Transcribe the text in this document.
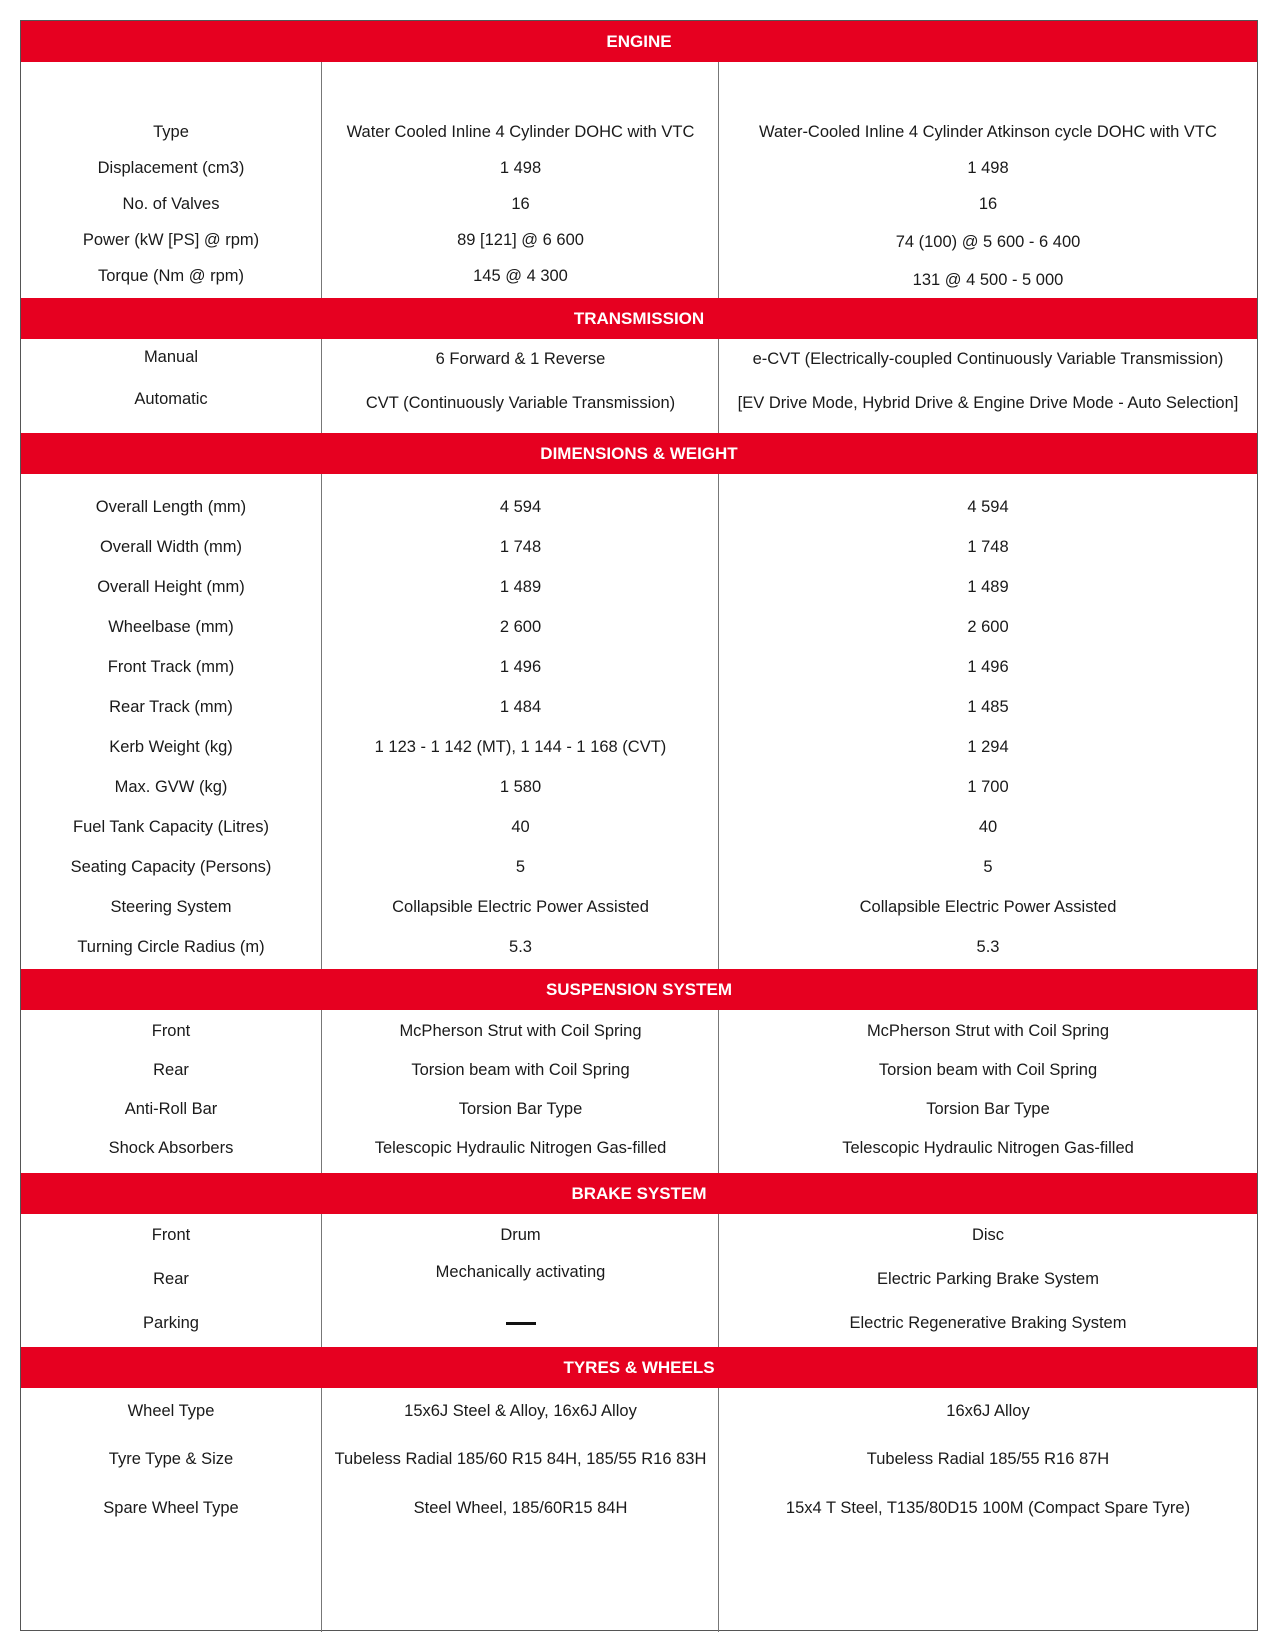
ENGINE
Type
Displacement (cm3)
No. of Valves
Power (kW [PS] @ rpm)
Torque (Nm @ rpm)
Water Cooled Inline 4 Cylinder DOHC with VTC
1 498
16
89 [121] @ 6 600
145 @ 4 300
Water-Cooled Inline 4 Cylinder Atkinson cycle DOHC with VTC
1 498
16
74 (100) @ 5 600 - 6 400
131 @ 4 500 - 5 000
TRANSMISSION
Manual
Automatic
6 Forward & 1 Reverse
CVT (Continuously Variable Transmission)
e-CVT (Electrically-coupled Continuously Variable Transmission)
[EV Drive Mode, Hybrid Drive & Engine Drive Mode - Auto Selection]
DIMENSIONS & WEIGHT
Overall Length (mm)
Overall Width (mm)
Overall Height (mm)
Wheelbase (mm)
Front Track (mm)
Rear Track (mm)
Kerb Weight (kg)
Max. GVW (kg)
Fuel Tank Capacity (Litres)
Seating Capacity (Persons)
Steering System
Turning Circle Radius (m)
4 594
1 748
1 489
2 600
1 496
1 484
1 123 - 1 142 (MT), 1 144 - 1 168 (CVT)
1 580
40
5
Collapsible Electric Power Assisted
5.3
4 594
1 748
1 489
2 600
1 496
1 485
1 294
1 700
40
5
Collapsible Electric Power Assisted
5.3
SUSPENSION SYSTEM
Front
Rear
Anti-Roll Bar
Shock Absorbers
McPherson Strut with Coil Spring
Torsion beam with Coil Spring
Torsion Bar Type
Telescopic Hydraulic Nitrogen Gas-filled
McPherson Strut with Coil Spring
Torsion beam with Coil Spring
Torsion Bar Type
Telescopic Hydraulic Nitrogen Gas-filled
BRAKE SYSTEM
Front
Rear
Parking
Drum
Mechanically activating
Disc
Electric Parking Brake System
Electric Regenerative Braking System
TYRES & WHEELS
Wheel Type
Tyre Type & Size
Spare Wheel Type
15x6J Steel & Alloy, 16x6J Alloy
Tubeless Radial 185/60 R15 84H, 185/55 R16 83H
Steel Wheel, 185/60R15 84H
16x6J Alloy
Tubeless Radial 185/55 R16 87H
15x4 T Steel, T135/80D15 100M (Compact Spare Tyre)
